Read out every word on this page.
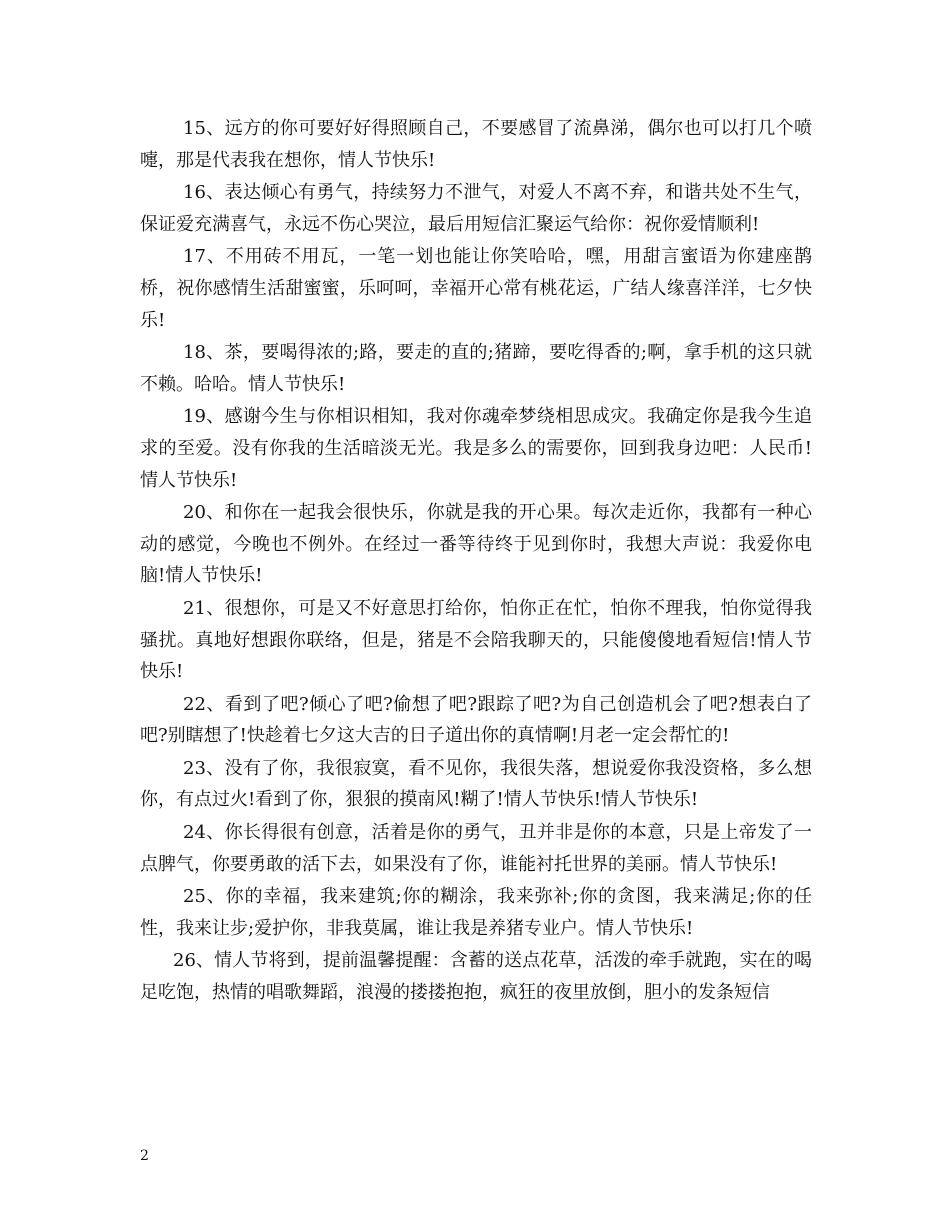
15、远方的你可要好好得照顾自己，不要感冒了流鼻涕，偶尔也可以打几个喷嚏，那是代表我在想你，情人节快乐!

16、表达倾心有勇气，持续努力不泄气，对爱人不离不弃，和谐共处不生气，保证爱充满喜气，永远不伤心哭泣，最后用短信汇聚运气给你：祝你爱情顺利!

17、不用砖不用瓦，一笔一划也能让你笑哈哈，嘿，用甜言蜜语为你建座鹊桥，祝你感情生活甜蜜蜜，乐呵呵，幸福开心常有桃花运，广结人缘喜洋洋，七夕快乐!

18、茶，要喝得浓的;路，要走的直的;猪蹄，要吃得香的;啊，拿手机的这只就不赖。哈哈。情人节快乐!

19、感谢今生与你相识相知，我对你魂牵梦绕相思成灾。我确定你是我今生追求的至爱。没有你我的生活暗淡无光。我是多么的需要你，回到我身边吧：人民币!情人节快乐!

20、和你在一起我会很快乐，你就是我的开心果。每次走近你，我都有一种心动的感觉，今晚也不例外。在经过一番等待终于见到你时，我想大声说：我爱你电脑!情人节快乐!

21、很想你，可是又不好意思打给你，怕你正在忙，怕你不理我，怕你觉得我骚扰。真地好想跟你联络，但是，猪是不会陪我聊天的，只能傻傻地看短信!情人节快乐!

22、看到了吧?倾心了吧?偷想了吧?跟踪了吧?为自己创造机会了吧?想表白了吧?别瞎想了!快趁着七夕这大吉的日子道出你的真情啊!月老一定会帮忙的!

23、没有了你，我很寂寞，看不见你，我很失落，想说爱你我没资格，多么想你，有点过火!看到了你，狠狠的摸南风!糊了!情人节快乐!情人节快乐!

24、你长得很有创意，活着是你的勇气，丑并非是你的本意，只是上帝发了一点脾气，你要勇敢的活下去，如果没有了你，谁能衬托世界的美丽。情人节快乐!

25、你的幸福，我来建筑;你的糊涂，我来弥补;你的贪图，我来满足;你的任性，我来让步;爱护你，非我莫属，谁让我是养猪专业户。情人节快乐!

26、情人节将到，提前温馨提醒：含蓄的送点花草，活泼的牵手就跑，实在的喝足吃饱，热情的唱歌舞蹈，浪漫的搂搂抱抱，疯狂的夜里放倒，胆小的发条短信

2
